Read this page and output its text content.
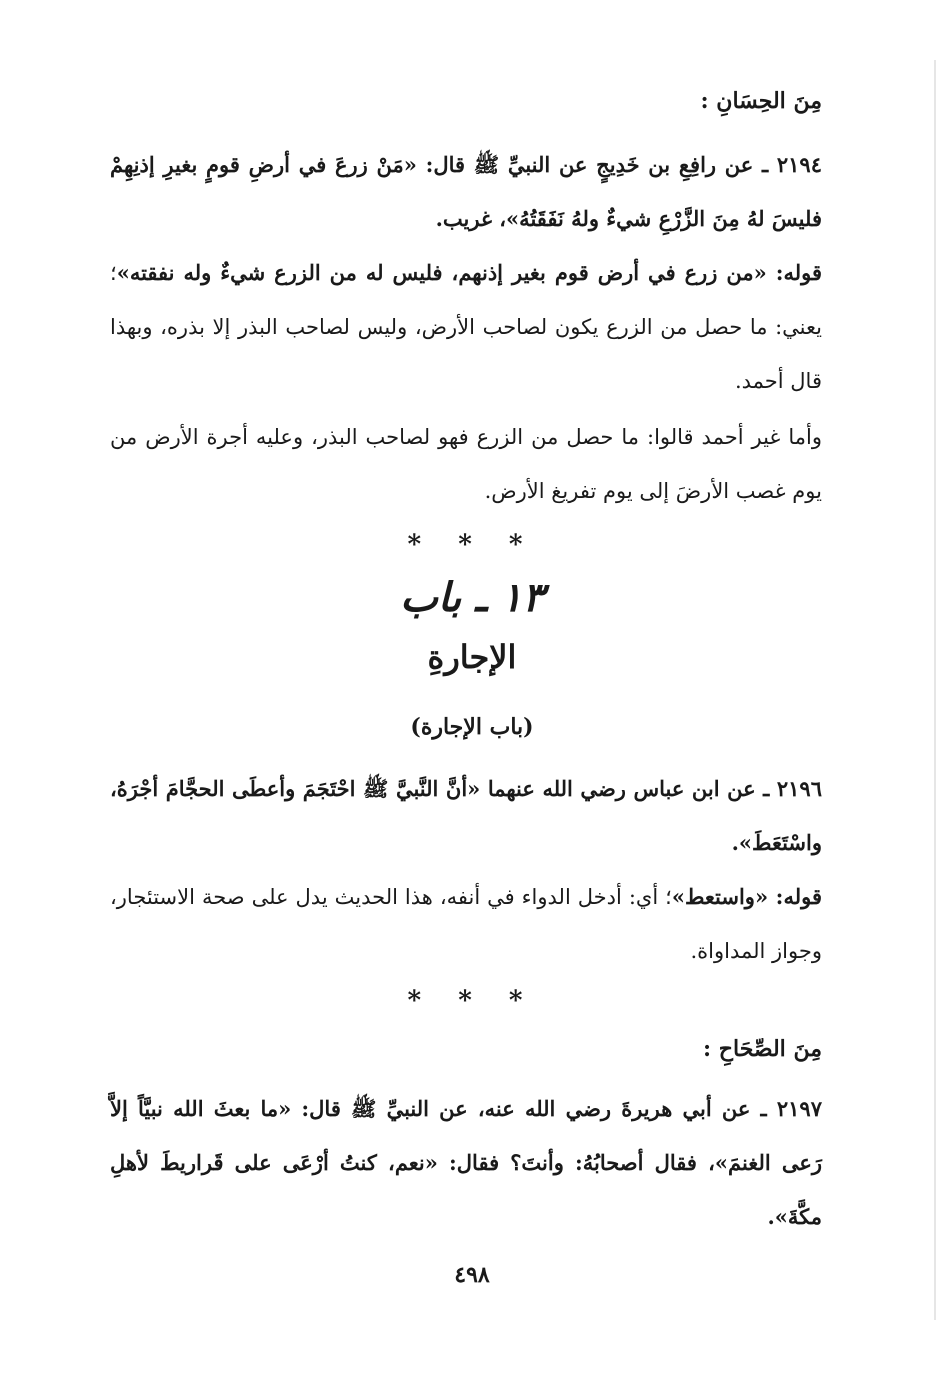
مِنَ الحِسَانِ :
٢١٩٤ ـ عن رافِعِ بن خَدِيجٍ عن النبيِّ ﷺ قال: «مَنْ زرعَ في أرضِ قومٍ بغيرِ إذنِهِمْ فليسَ لهُ مِنَ الزَّرْعِ شيءٌ ولهُ نَفَقَتُهُ»، غريب.
قوله: «من زرع في أرض قوم بغير إذنهم، فليس له من الزرع شيءٌ وله نفقته»؛ يعني: ما حصل من الزرع يكون لصاحب الأرض، وليس لصاحب البذر إلا بذره، وبهذا قال أحمد.
وأما غير أحمد قالوا: ما حصل من الزرع فهو لصاحب البذر، وعليه أجرة الأرض من يوم غصب الأرضَ إلى يوم تفريغ الأرض.
* * *
١٣ ـ باب
الإجارةِ
(باب الإجارة)
٢١٩٦ ـ عن ابن عباس رضي الله عنهما «أنَّ النَّبيَّ ﷺ احْتَجَمَ وأعطَى الحجَّامَ أجْرَهُ، واسْتَعَطَ».
قوله: «واستعط»؛ أي: أدخل الدواء في أنفه، هذا الحديث يدل على صحة الاستئجار، وجواز المداواة.
* * *
مِنَ الصِّحَاحِ :
٢١٩٧ ـ عن أبي هريرةَ رضي الله عنه، عن النبيِّ ﷺ قال: «ما بعثَ الله نبيَّاً إلاَّ رَعى الغنمَ»، فقال أصحابُهُ: وأنتَ؟ فقال: «نعم، كنتُ أرْعَى على قَراريطَ لأهلِ مكَّةَ».
٤٩٨
